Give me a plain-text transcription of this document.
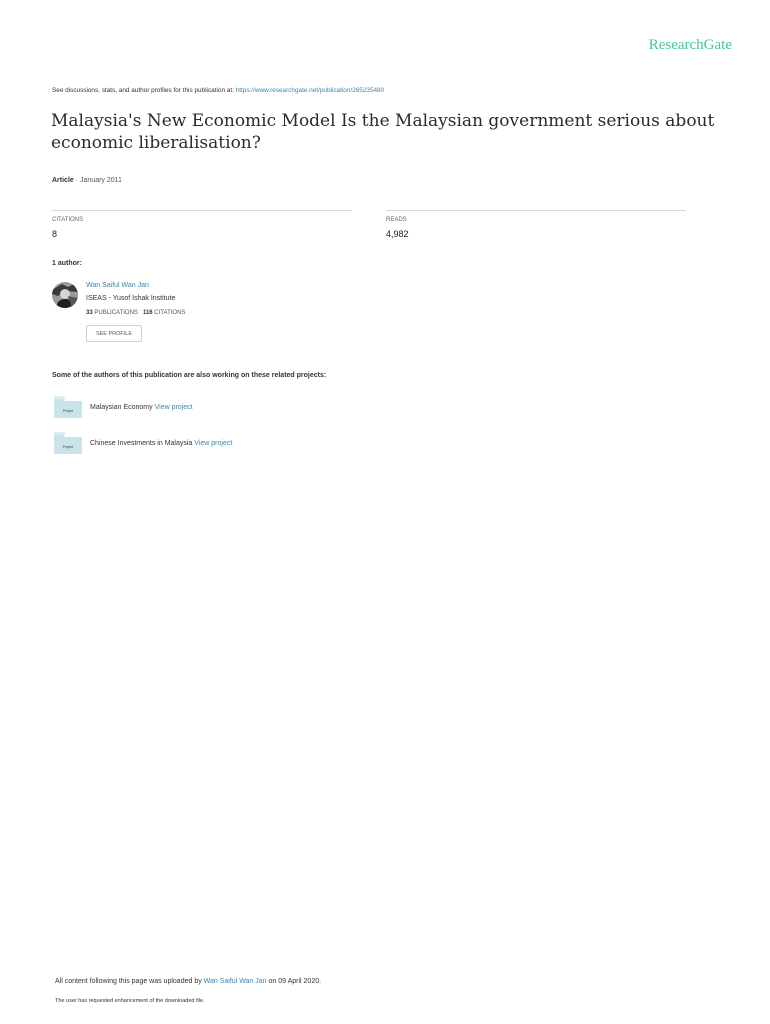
ResearchGate
See discussions, stats, and author profiles for this publication at: https://www.researchgate.net/publication/265235480
Malaysia's New Economic Model Is the Malaysian government serious about economic liberalisation?
Article · January 2011
CITATIONS
8
READS
4,982
1 author:
Wan Saiful Wan Jan
ISEAS - Yusof Ishak Institute
33 PUBLICATIONS 116 CITATIONS
SEE PROFILE
Some of the authors of this publication are also working on these related projects:
Project Malaysian Economy View project
Project Chinese Investments in Malaysia View project
All content following this page was uploaded by Wan Saiful Wan Jan on 09 April 2020.
The user has requested enhancement of the downloaded file.
